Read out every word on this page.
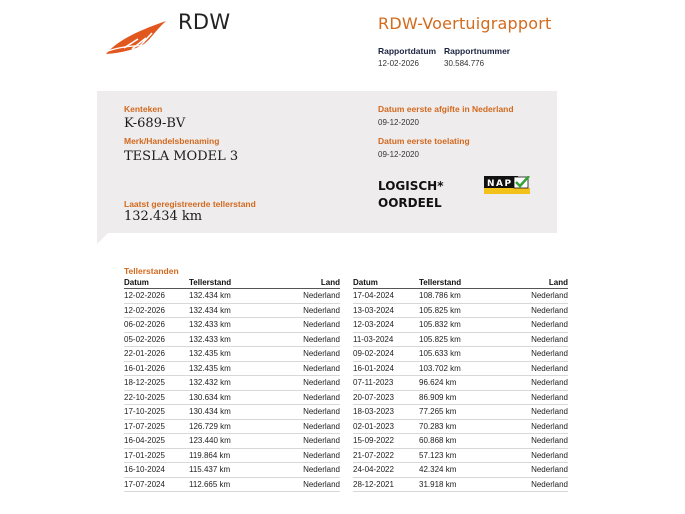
RDW	RDW-Voertuigrapport
Rapportdatum
12-02-2026
Rapportnummer
30.584.776
Kenteken
K-689-BV
Merk/Handelsbenaming
TESLA MODEL 3
Laatst geregistreerde tellerstand
132.434 km
Datum eerste afgifte in Nederland
09-12-2020
Datum eerste toelating
09-12-2020
LOGISCH*
OORDEEL
NAP
Tellerstanden
Datum	Tellerstand	Land
12-02-2026	132.434 km	Nederland
12-02-2026	132.434 km	Nederland
06-02-2026	132.433 km	Nederland
05-02-2026	132.433 km	Nederland
22-01-2026	132.435 km	Nederland
16-01-2026	132.435 km	Nederland
18-12-2025	132.432 km	Nederland
22-10-2025	130.634 km	Nederland
17-10-2025	130.434 km	Nederland
17-07-2025	126.729 km	Nederland
16-04-2025	123.440 km	Nederland
17-01-2025	119.864 km	Nederland
16-10-2024	115.437 km	Nederland
17-07-2024	112.665 km	Nederland
Datum	Tellerstand	Land
17-04-2024	108.786 km	Nederland
13-03-2024	105.825 km	Nederland
12-03-2024	105.832 km	Nederland
11-03-2024	105.825 km	Nederland
09-02-2024	105.633 km	Nederland
16-01-2024	103.702 km	Nederland
07-11-2023	96.624 km	Nederland
20-07-2023	86.909 km	Nederland
18-03-2023	77.265 km	Nederland
02-01-2023	70.283 km	Nederland
15-09-2022	60.868 km	Nederland
21-07-2022	57.123 km	Nederland
24-04-2022	42.324 km	Nederland
28-12-2021	31.918 km	Nederland
